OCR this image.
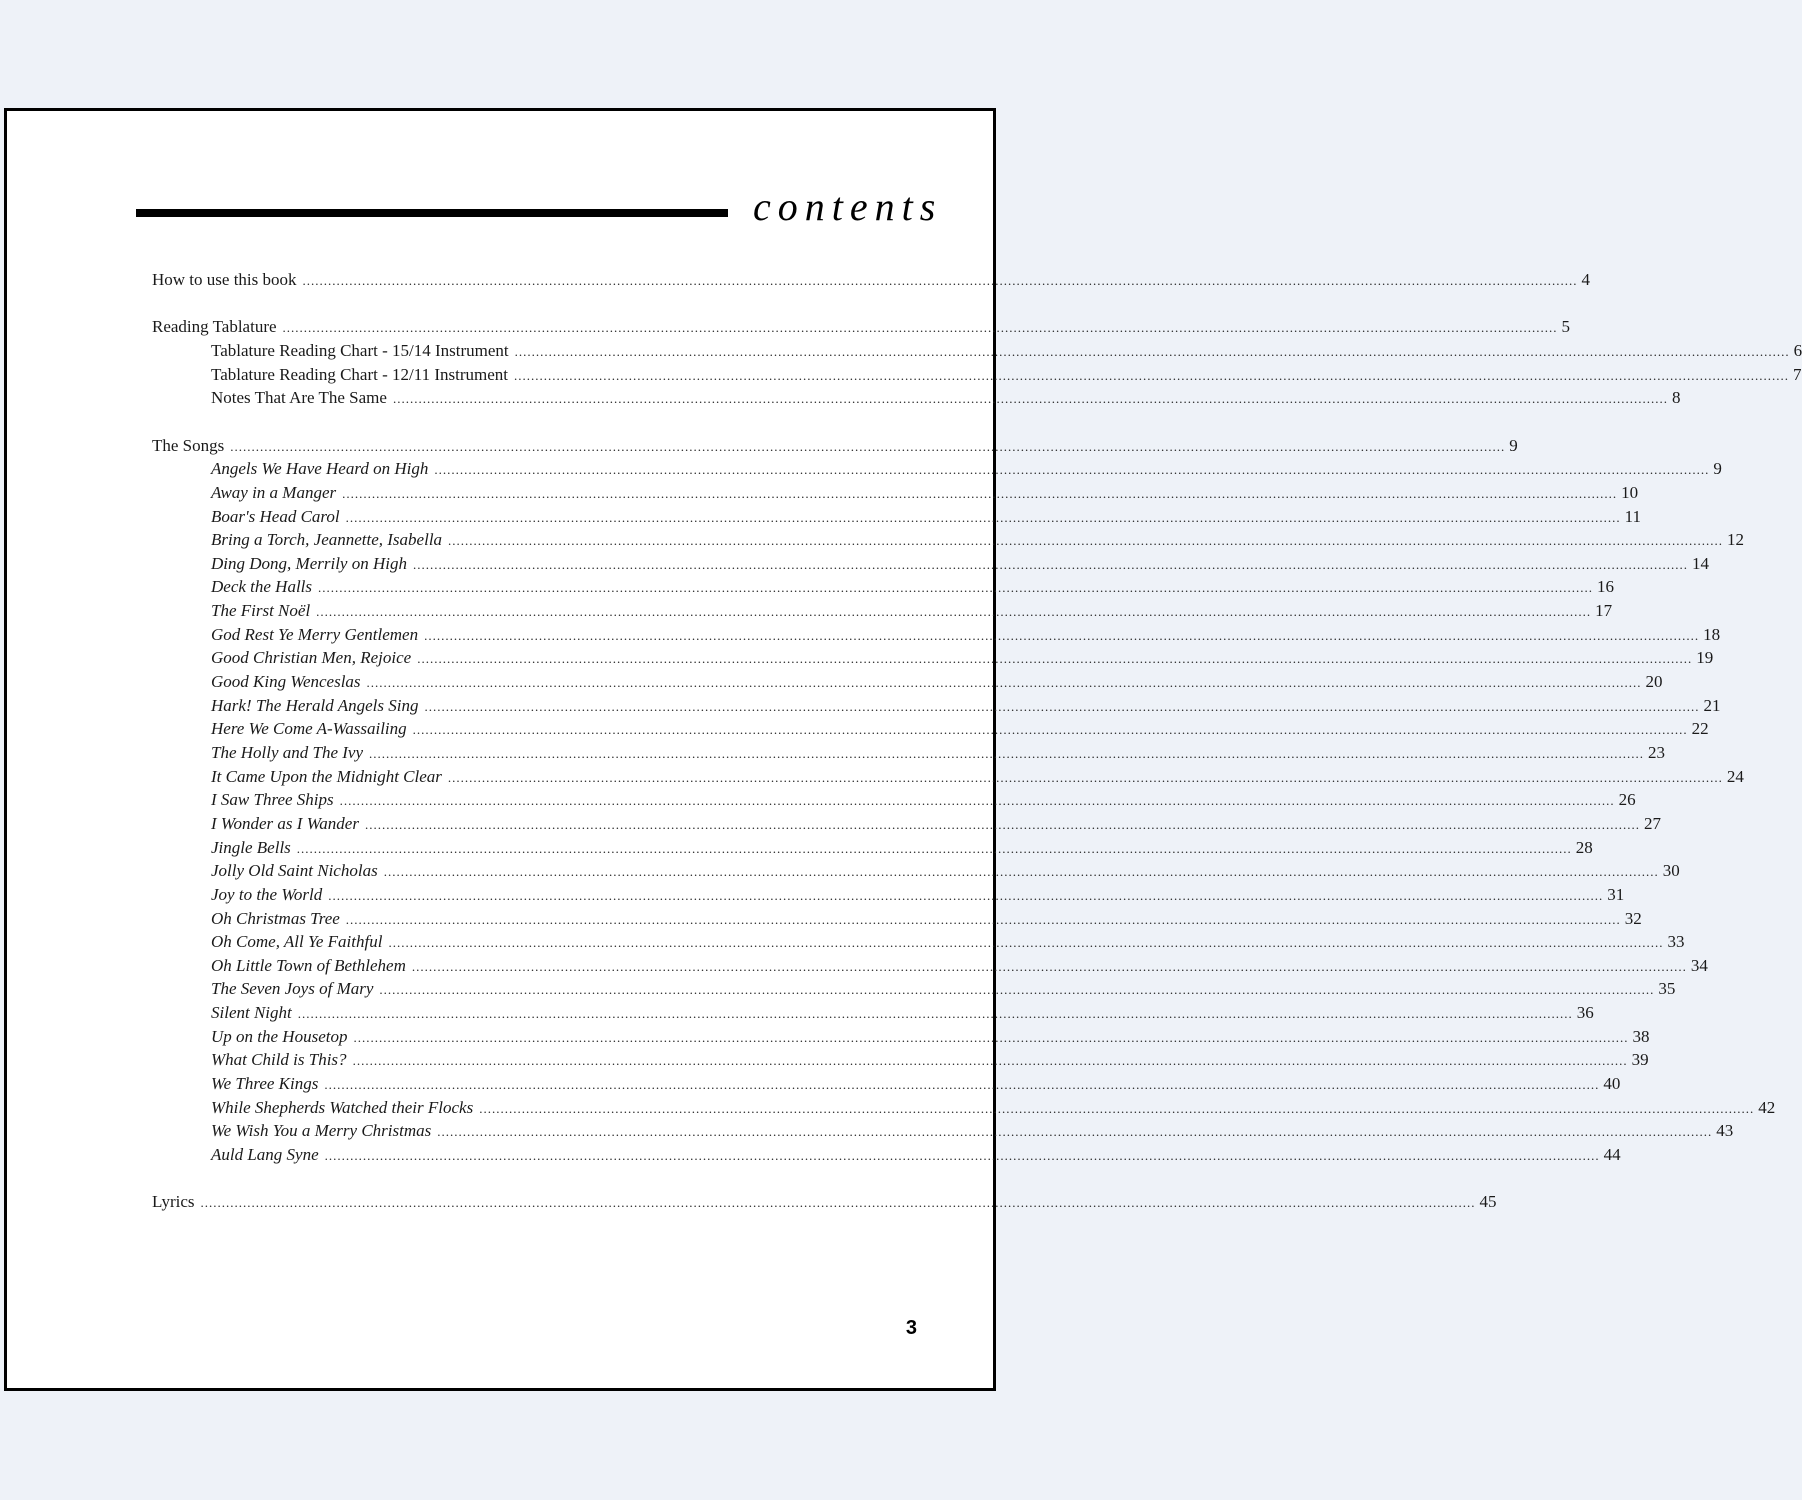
contents
How to use this book ............................................................................................................................................................................................................................................................................................................ 4
Reading Tablature ............................................................................................................................................................................................................................................................................................................ 5
Tablature Reading Chart - 15/14 Instrument ............................................................................................................................................................................................................................................................................................................ 6
Tablature Reading Chart - 12/11 Instrument ............................................................................................................................................................................................................................................................................................................ 7
Notes That Are The Same ............................................................................................................................................................................................................................................................................................................ 8
The Songs ............................................................................................................................................................................................................................................................................................................ 9
Angels We Have Heard on High ............................................................................................................................................................................................................................................................................................................ 9
Away in a Manger ............................................................................................................................................................................................................................................................................................................ 10
Boar's Head Carol ............................................................................................................................................................................................................................................................................................................ 11
Bring a Torch, Jeannette, Isabella ............................................................................................................................................................................................................................................................................................................ 12
Ding Dong, Merrily on High ............................................................................................................................................................................................................................................................................................................ 14
Deck the Halls ............................................................................................................................................................................................................................................................................................................ 16
The First Noël ............................................................................................................................................................................................................................................................................................................ 17
God Rest Ye Merry Gentlemen ............................................................................................................................................................................................................................................................................................................ 18
Good Christian Men, Rejoice ............................................................................................................................................................................................................................................................................................................ 19
Good King Wenceslas ............................................................................................................................................................................................................................................................................................................ 20
Hark! The Herald Angels Sing ............................................................................................................................................................................................................................................................................................................ 21
Here We Come A-Wassailing ............................................................................................................................................................................................................................................................................................................ 22
The Holly and The Ivy ............................................................................................................................................................................................................................................................................................................ 23
It Came Upon the Midnight Clear ............................................................................................................................................................................................................................................................................................................ 24
I Saw Three Ships ............................................................................................................................................................................................................................................................................................................ 26
I Wonder as I Wander ............................................................................................................................................................................................................................................................................................................ 27
Jingle Bells ............................................................................................................................................................................................................................................................................................................ 28
Jolly Old Saint Nicholas ............................................................................................................................................................................................................................................................................................................ 30
Joy to the World ............................................................................................................................................................................................................................................................................................................ 31
Oh Christmas Tree ............................................................................................................................................................................................................................................................................................................ 32
Oh Come, All Ye Faithful ............................................................................................................................................................................................................................................................................................................ 33
Oh Little Town of Bethlehem ............................................................................................................................................................................................................................................................................................................ 34
The Seven Joys of Mary ............................................................................................................................................................................................................................................................................................................ 35
Silent Night ............................................................................................................................................................................................................................................................................................................ 36
Up on the Housetop ............................................................................................................................................................................................................................................................................................................ 38
What Child is This? ............................................................................................................................................................................................................................................................................................................ 39
We Three Kings ............................................................................................................................................................................................................................................................................................................ 40
While Shepherds Watched their Flocks ............................................................................................................................................................................................................................................................................................................ 42
We Wish You a Merry Christmas ............................................................................................................................................................................................................................................................................................................ 43
Auld Lang Syne ............................................................................................................................................................................................................................................................................................................ 44
Lyrics ............................................................................................................................................................................................................................................................................................................ 45
3
